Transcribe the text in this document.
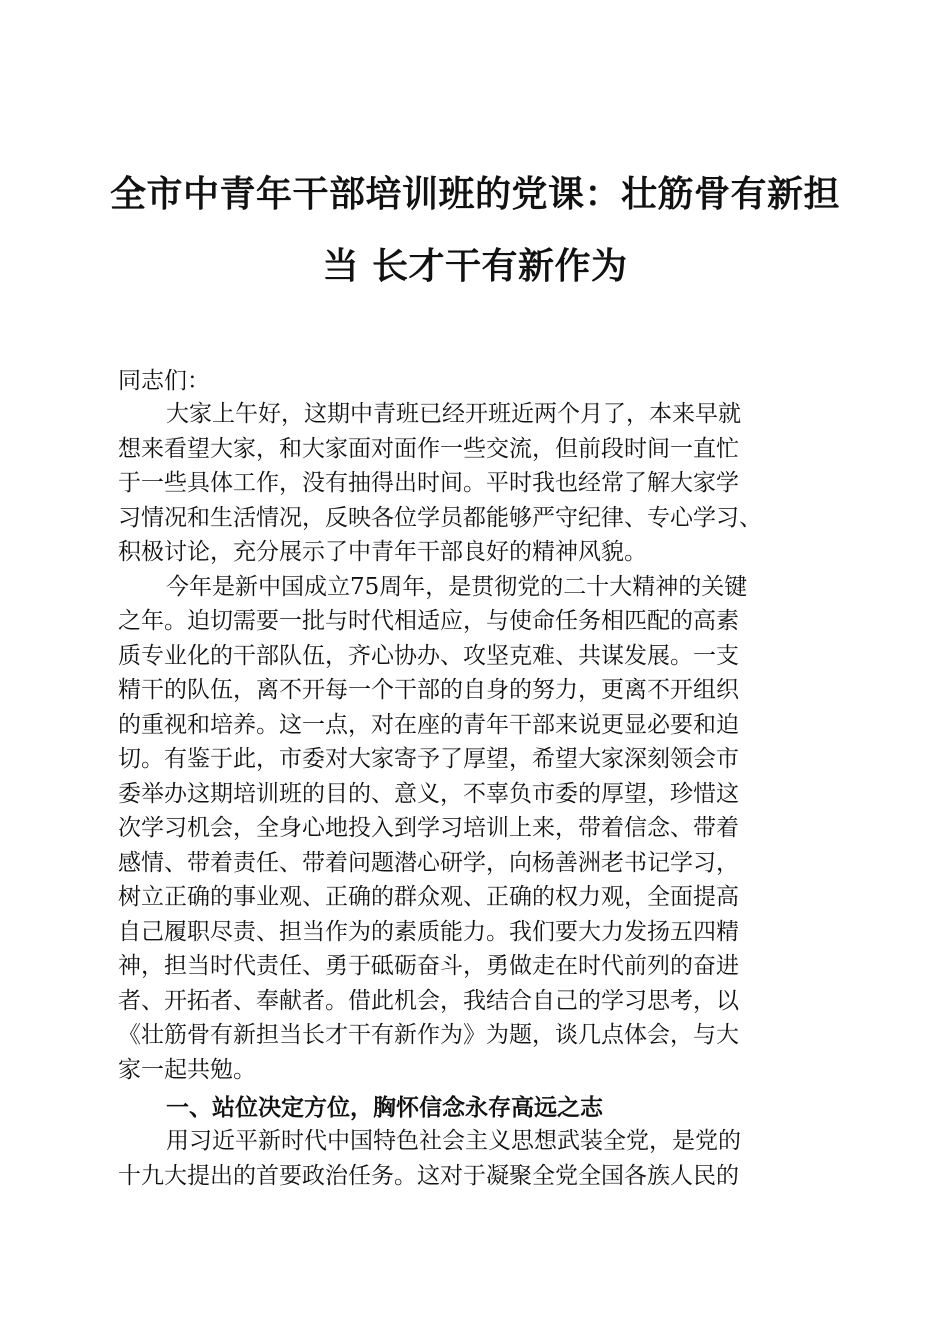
全市中青年干部培训班的党课：壮筋骨有新担
当 长才干有新作为

同志们：

大家上午好，这期中青班已经开班近两个月了，本来早就

想来看望大家，和大家面对面作一些交流，但前段时间一直忙

于一些具体工作，没有抽得出时间。平时我也经常了解大家学

习情况和生活情况，反映各位学员都能够严守纪律、专心学习、

积极讨论，充分展示了中青年干部良好的精神风貌。

今年是新中国成立75周年，是贯彻党的二十大精神的关键

之年。迫切需要一批与时代相适应，与使命任务相匹配的高素

质专业化的干部队伍，齐心协办、攻坚克难、共谋发展。一支

精干的队伍，离不开每一个干部的自身的努力，更离不开组织

的重视和培养。这一点，对在座的青年干部来说更显必要和迫

切。有鉴于此，市委对大家寄予了厚望，希望大家深刻领会市

委举办这期培训班的目的、意义，不辜负市委的厚望，珍惜这

次学习机会，全身心地投入到学习培训上来，带着信念、带着

感情、带着责任、带着问题潜心研学，向杨善洲老书记学习，

树立正确的事业观、正确的群众观、正确的权力观，全面提高

自己履职尽责、担当作为的素质能力。我们要大力发扬五四精

神，担当时代责任、勇于砥砺奋斗，勇做走在时代前列的奋进

者、开拓者、奉献者。借此机会，我结合自己的学习思考，以

《壮筋骨有新担当长才干有新作为》为题，谈几点体会，与大

家一起共勉。

一、站位决定方位，胸怀信念永存高远之志

用习近平新时代中国特色社会主义思想武装全党，是党的

十九大提出的首要政治任务。这对于凝聚全党全国各族人民的
